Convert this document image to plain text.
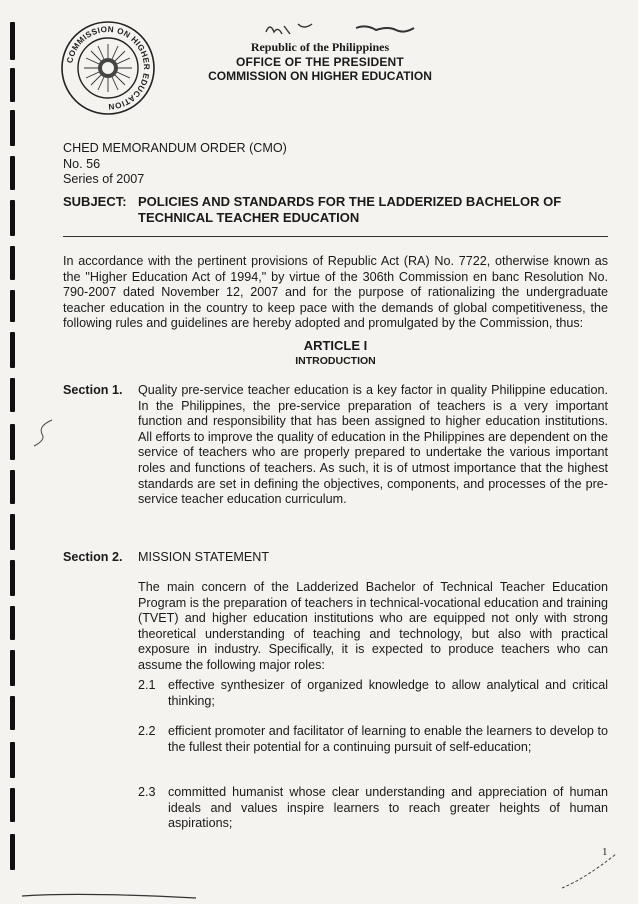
COMMISSION ON HIGHER EDUCATION
Republic of the Philippines
OFFICE OF THE PRESIDENT
COMMISSION ON HIGHER EDUCATION
CHED MEMORANDUM ORDER (CMO)
No. 56
Series of 2007
SUBJECT: POLICIES AND STANDARDS FOR THE LADDERIZED BACHELOR OF TECHNICAL TEACHER EDUCATION
In accordance with the pertinent provisions of Republic Act (RA) No. 7722, otherwise known as the "Higher Education Act of 1994," by virtue of the 306th Commission en banc Resolution No. 790-2007 dated November 12, 2007 and for the purpose of rationalizing the undergraduate teacher education in the country to keep pace with the demands of global competitiveness, the following rules and guidelines are hereby adopted and promulgated by the Commission, thus:
ARTICLE I
INTRODUCTION
Section 1. Quality pre-service teacher education is a key factor in quality Philippine education. In the Philippines, the pre-service preparation of teachers is a very important function and responsibility that has been assigned to higher education institutions. All efforts to improve the quality of education in the Philippines are dependent on the service of teachers who are properly prepared to undertake the various important roles and functions of teachers. As such, it is of utmost importance that the highest standards are set in defining the objectives, components, and processes of the pre-service teacher education curriculum.
Section 2. MISSION STATEMENT
The main concern of the Ladderized Bachelor of Technical Teacher Education Program is the preparation of teachers in technical-vocational education and training (TVET) and higher education institutions who are equipped not only with strong theoretical understanding of teaching and technology, but also with practical exposure in industry. Specifically, it is expected to produce teachers who can assume the following major roles:
2.1 effective synthesizer of organized knowledge to allow analytical and critical thinking;
2.2 efficient promoter and facilitator of learning to enable the learners to develop to the fullest their potential for a continuing pursuit of self-education;
2.3 committed humanist whose clear understanding and appreciation of human ideals and values inspire learners to reach greater heights of human aspirations;
1
